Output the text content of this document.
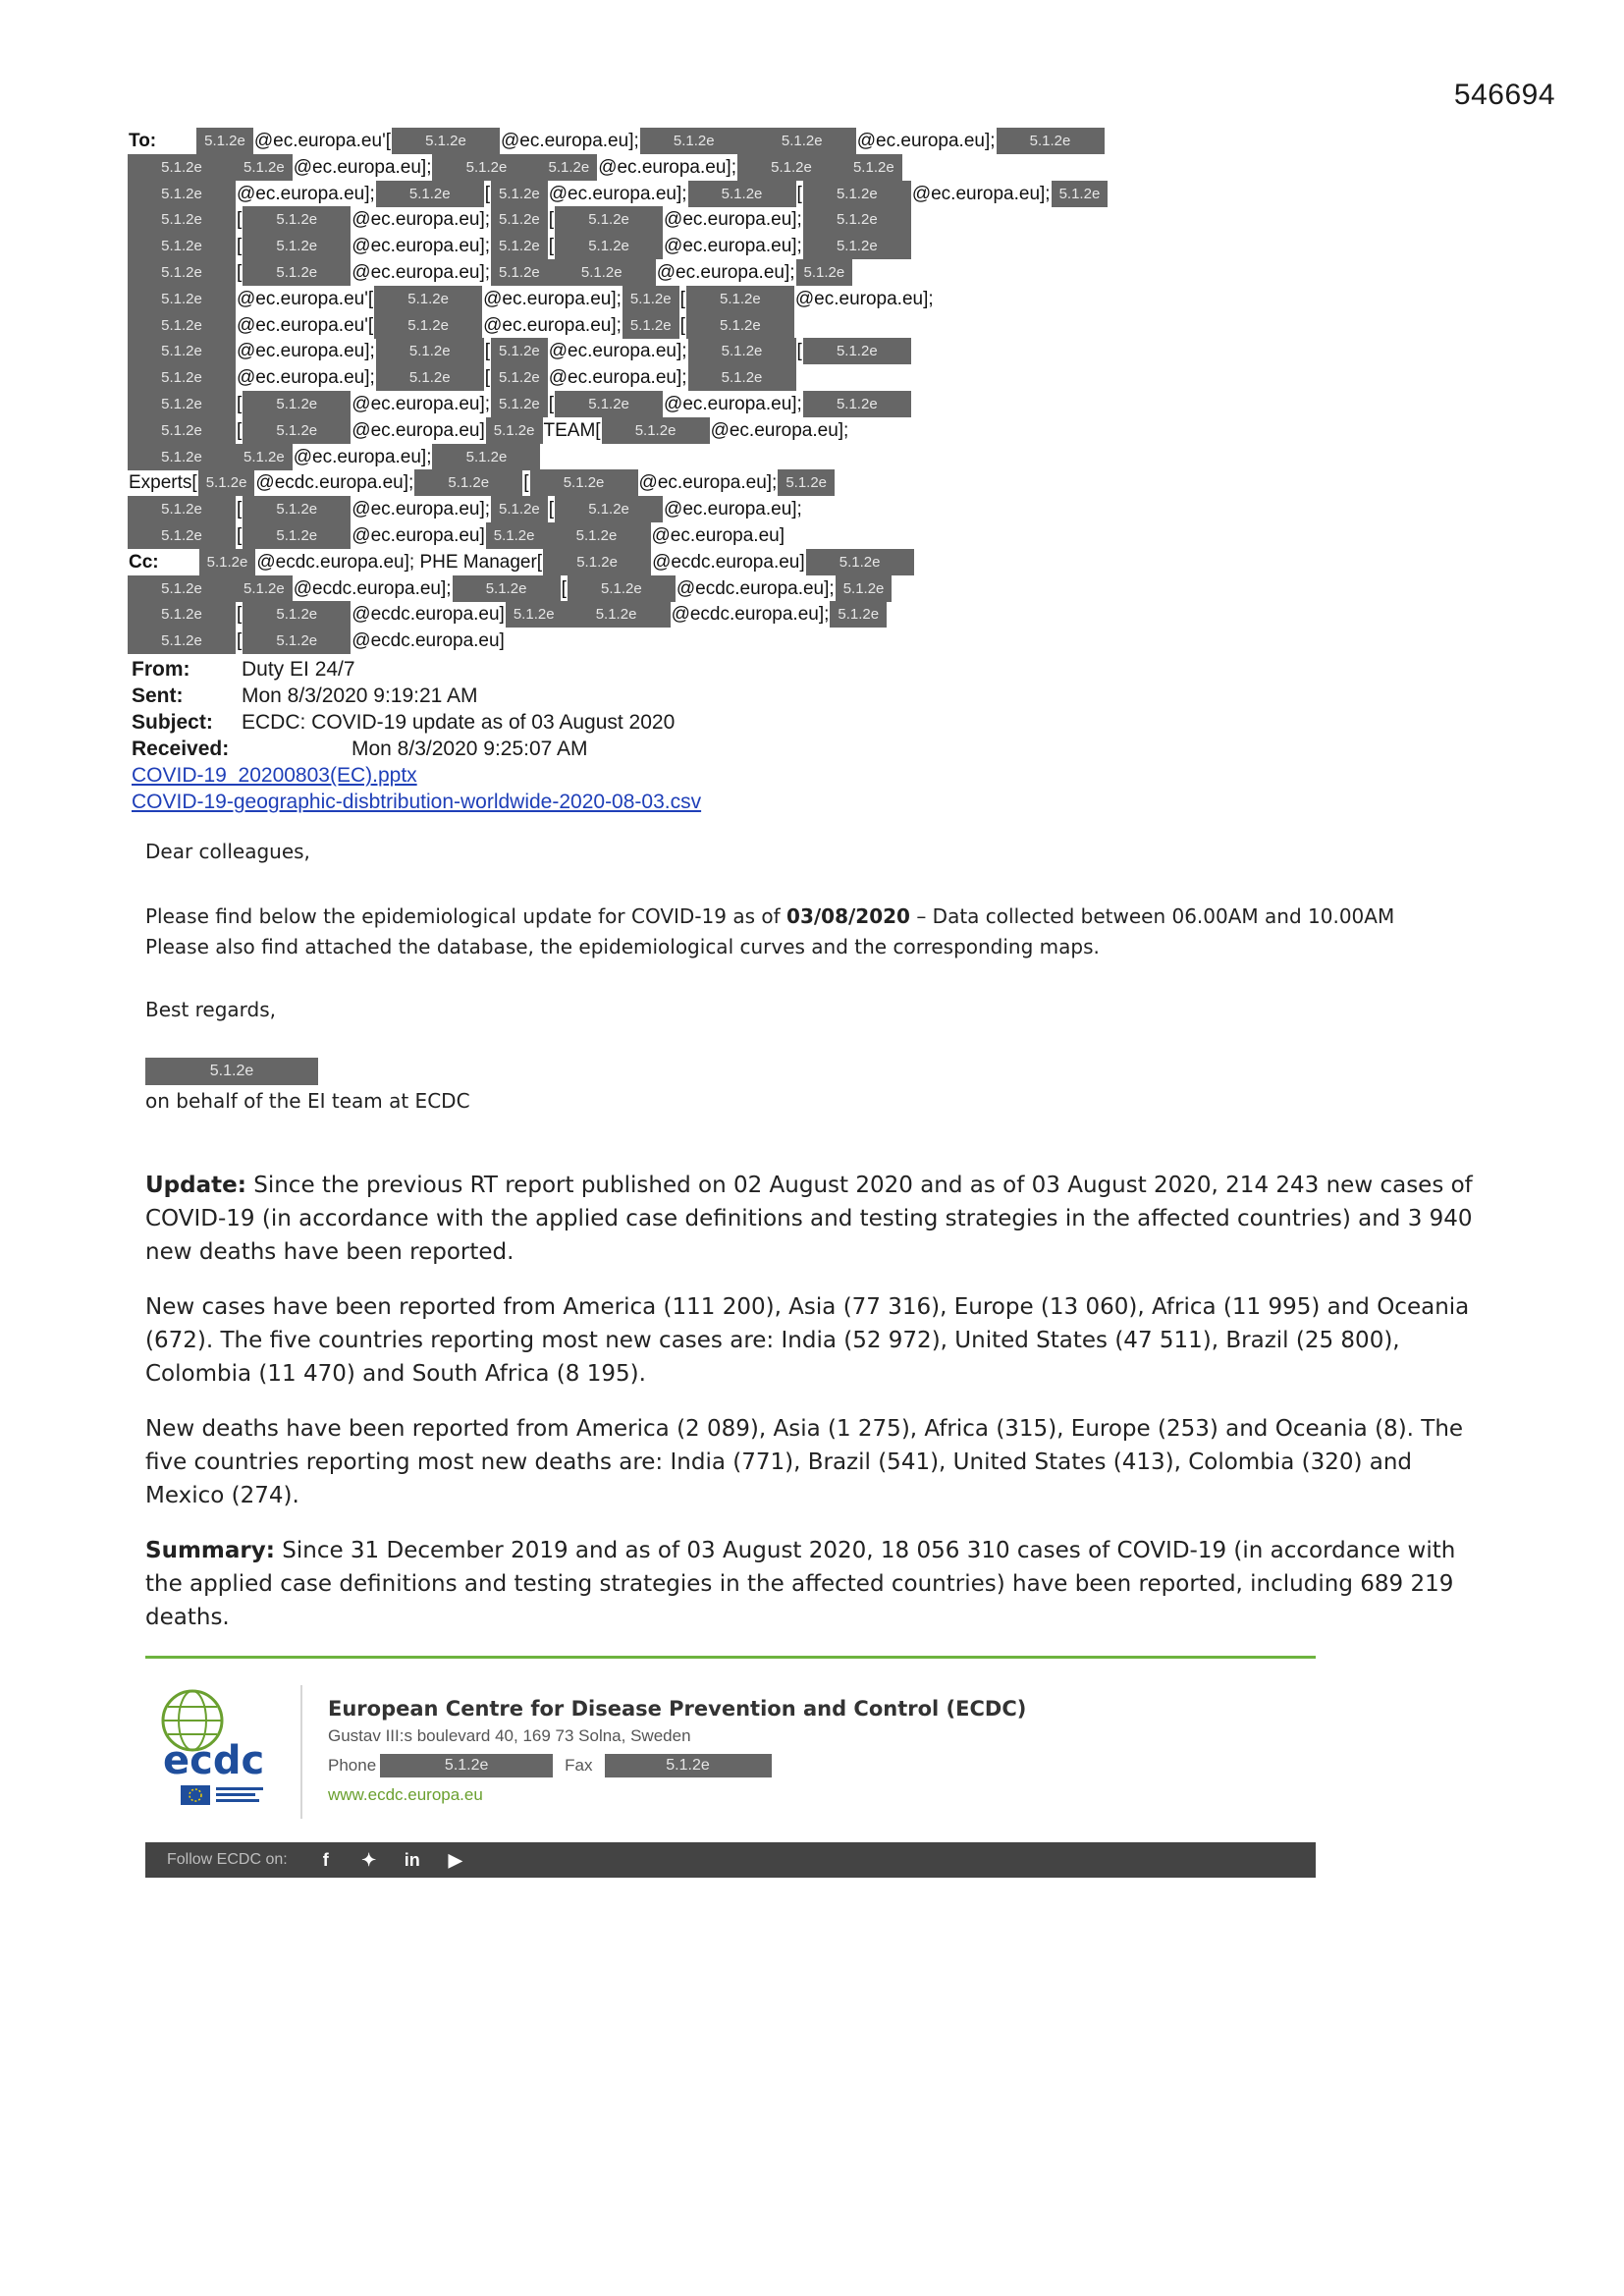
546694
To:	5.1.2e @ec.europa.eu'[ 5.1.2e @ec.europa.eu]; 5.1.2e	5.1.2e @ec.europa.eu]; 5.1.2e
5.1.2e	5.1.2e @ec.europa.eu]; 5.1.2e	5.1.2e @ec.europa.eu]; 5.1.2e	5.1.2e
5.1.2e @ec.europa.eu]; 5.1.2e [ 5.1.2e @ec.europa.eu]; 5.1.2e [ 5.1.2e @ec.europa.eu]; 5.1.2e
5.1.2e [ 5.1.2e @ec.europa.eu]; 5.1.2e [ 5.1.2e @ec.europa.eu]; 5.1.2e
5.1.2e [ 5.1.2e @ec.europa.eu]; 5.1.2e [ 5.1.2e @ec.europa.eu]; 5.1.2e
5.1.2e [ 5.1.2e @ec.europa.eu]; 5.1.2e	5.1.2e @ec.europa.eu]; 5.1.2e
5.1.2e @ec.europa.eu'[ 5.1.2e @ec.europa.eu]; 5.1.2e [ 5.1.2e @ec.europa.eu];
5.1.2e @ec.europa.eu'[ 5.1.2e @ec.europa.eu]; 5.1.2e [ 5.1.2e
5.1.2e @ec.europa.eu]; 5.1.2e [ 5.1.2e @ec.europa.eu]; 5.1.2e [ 5.1.2e
5.1.2e @ec.europa.eu]; 5.1.2e [ 5.1.2e @ec.europa.eu]; 5.1.2e
5.1.2e [ 5.1.2e @ec.europa.eu]; 5.1.2e [ 5.1.2e @ec.europa.eu]; 5.1.2e
5.1.2e [ 5.1.2e @ec.europa.eu] 5.1.2e TEAM[ 5.1.2e @ec.europa.eu];
5.1.2e	5.1.2e @ec.europa.eu]; 5.1.2e
Experts[ 5.1.2e @ecdc.europa.eu]; 5.1.2e [ 5.1.2e @ec.europa.eu]; 5.1.2e
5.1.2e [ 5.1.2e @ec.europa.eu]; 5.1.2e [ 5.1.2e @ec.europa.eu];
5.1.2e [ 5.1.2e @ec.europa.eu] 5.1.2e	5.1.2e @ec.europa.eu]
Cc:	5.1.2e @ecdc.europa.eu]; PHE Manager[ 5.1.2e @ecdc.europa.eu] 5.1.2e
5.1.2e	5.1.2e @ecdc.europa.eu]; 5.1.2e [ 5.1.2e @ecdc.europa.eu]; 5.1.2e
5.1.2e [ 5.1.2e @ecdc.europa.eu] 5.1.2e	5.1.2e @ecdc.europa.eu]; 5.1.2e
5.1.2e [ 5.1.2e @ecdc.europa.eu]
From:	Duty EI 24/7
Sent:	Mon 8/3/2020 9:19:21 AM
Subject:	ECDC: COVID-19 update as of 03 August 2020
Received:	Mon 8/3/2020 9:25:07 AM
COVID-19_20200803(EC).pptx
COVID-19-geographic-disbtribution-worldwide-2020-08-03.csv
Dear colleagues,
Please find below the epidemiological update for COVID-19 as of 03/08/2020 – Data collected between 06.00AM and 10.00AM
Please also find attached the database, the epidemiological curves and the corresponding maps.
Best regards,
5.1.2e
on behalf of the EI team at ECDC
Update: Since the previous RT report published on 02 August 2020 and as of 03 August 2020, 214 243 new cases of COVID-19 (in accordance with the applied case definitions and testing strategies in the affected countries) and 3 940 new deaths have been reported.
New cases have been reported from America (111 200), Asia (77 316), Europe (13 060), Africa (11 995) and Oceania (672). The five countries reporting most new cases are: India (52 972), United States (47 511), Brazil (25 800), Colombia (11 470) and South Africa (8 195).
New deaths have been reported from America (2 089), Asia (1 275), Africa (315), Europe (253) and Oceania (8). The five countries reporting most new deaths are: India (771), Brazil (541), United States (413), Colombia (320) and Mexico (274).
Summary: Since 31 December 2019 and as of 03 August 2020, 18 056 310 cases of COVID-19 (in accordance with the applied case definitions and testing strategies in the affected countries) have been reported, including 689 219 deaths.
ecdc
European Centre for Disease Prevention and Control (ECDC)
Gustav III:s boulevard 40, 169 73 Solna, Sweden
Phone	5.1.2e	Fax	5.1.2e
www.ecdc.europa.eu
Follow ECDC on:	f	✦ in ▶
